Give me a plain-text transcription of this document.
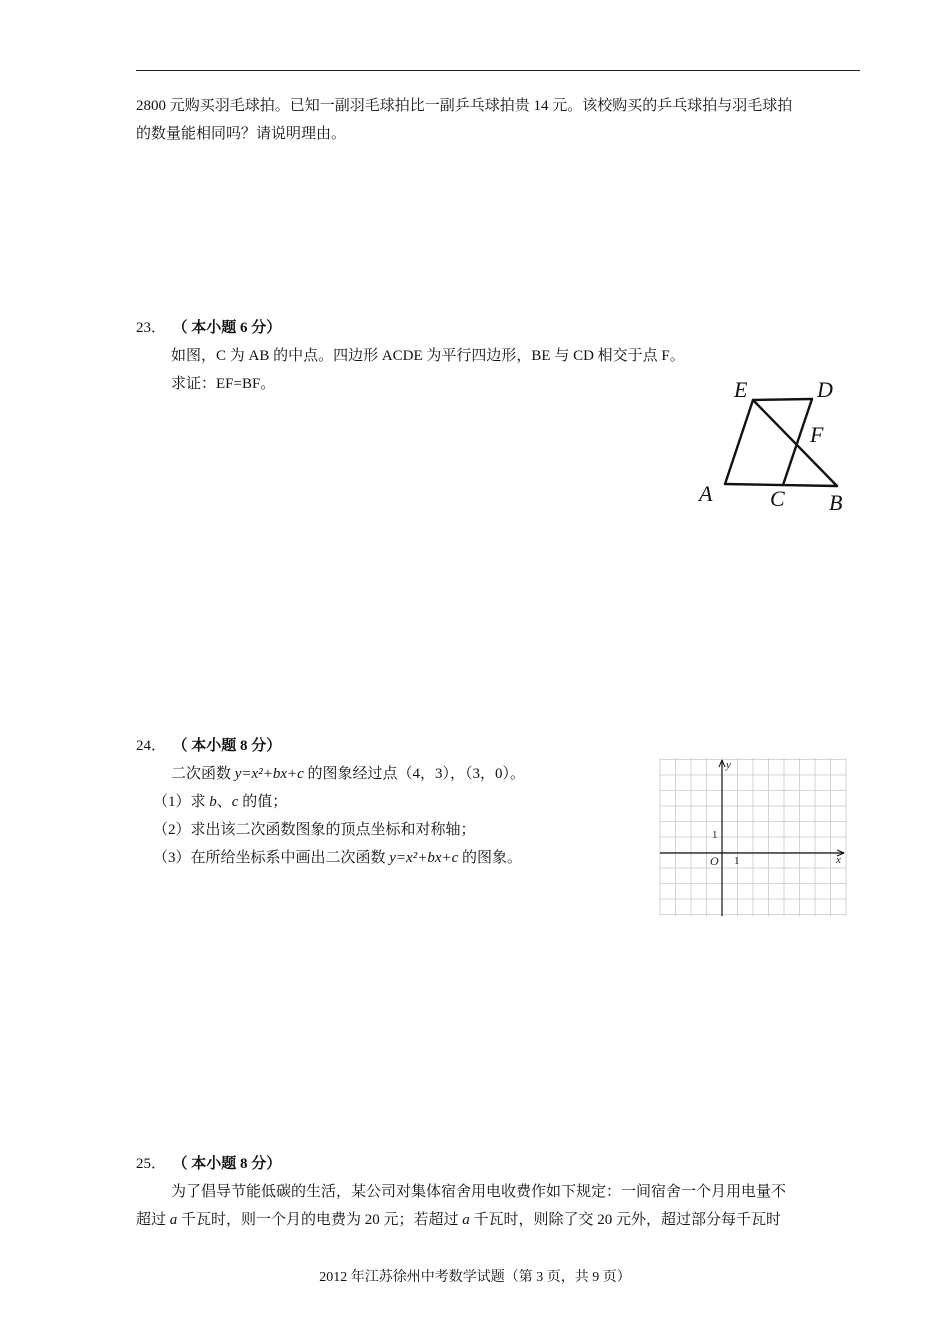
2800 元购买羽毛球拍。已知一副羽毛球拍比一副乒乓球拍贵 14 元。该校购买的乒乓球拍与羽毛球拍
的数量能相同吗？请说明理由。
23． （ 本小题 6 分）
如图，C 为 AB 的中点。四边形 ACDE 为平行四边形，BE 与 CD 相交于点 F。
求证：EF=BF。	E	D
F
A	C B
24． （ 本小题 8 分）
二次函数 y=x²+bx+c 的图象经过点（4，3），（3，0）。
（1）求 b、c 的值；
（2）求出该二次函数图象的顶点坐标和对称轴；
（3）在所给坐标系中画出二次函数 y=x²+bx+c 的图象。
y
x
O 1
1
25． （ 本小题 8 分）
为了倡导节能低碳的生活，某公司对集体宿舍用电收费作如下规定：一间宿舍一个月用电量不
超过 a 千瓦时，则一个月的电费为 20 元；若超过 a 千瓦时，则除了交 20 元外，超过部分每千瓦时
2012 年江苏徐州中考数学试题（第 3 页，共 9 页）
